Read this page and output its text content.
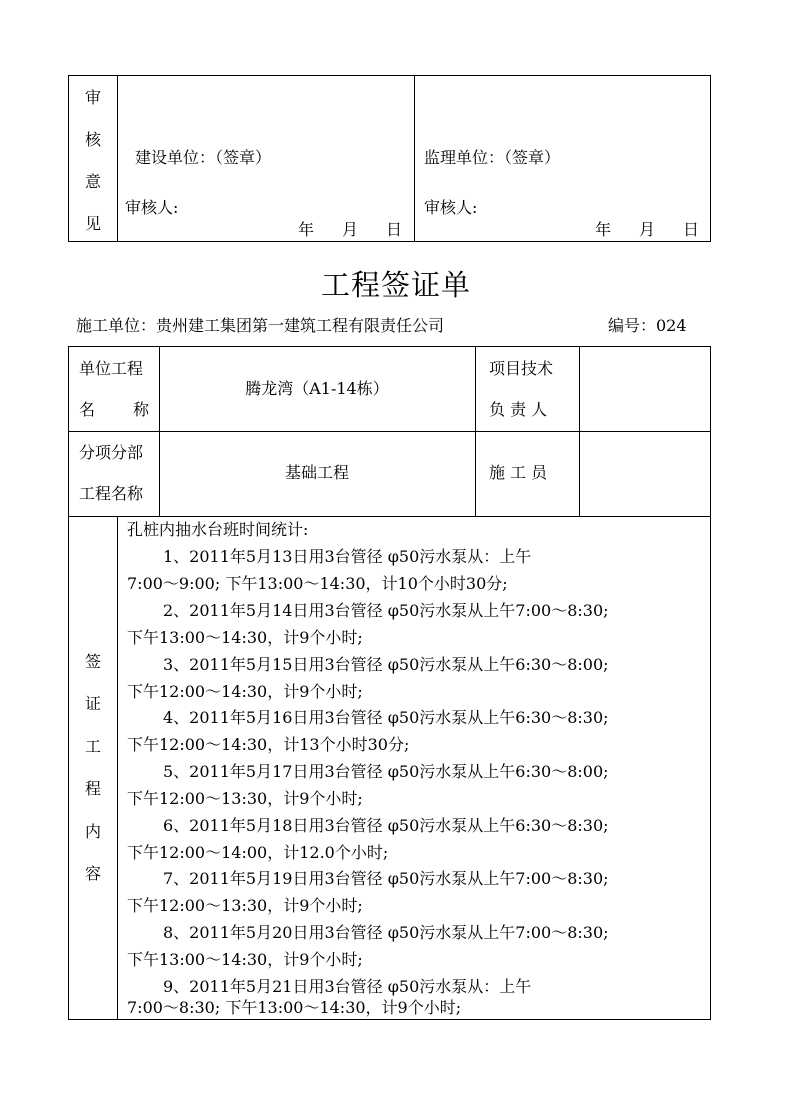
审
核
意
见
建设单位：（签章）
审核人:
年 月 日
监理单位：（签章）
审核人:
年 月 日
工程签证单
施工单位：贵州建工集团第一建筑工程有限责任公司	编号：024
单位工程
名 称
腾龙湾（A1-14栋）
项目技术
负 责 人
分项分部
工程名称
基础工程	施 工 员
签
证
工
程
内
容
孔桩内抽水台班时间统计:
1、2011年5月13日用3台管径 φ50污水泵从：上午
7:00～9:00; 下午13:00～14:30，计10个小时30分;
2、2011年5月14日用3台管径 φ50污水泵从上午7:00～8:30;
下午13:00～14:30，计9个小时;
3、2011年5月15日用3台管径 φ50污水泵从上午6:30～8:00;
下午12:00～14:30，计9个小时;
4、2011年5月16日用3台管径 φ50污水泵从上午6:30～8:30;
下午12:00～14:30，计13个小时30分;
5、2011年5月17日用3台管径 φ50污水泵从上午6:30～8:00;
下午12:00～13:30，计9个小时;
6、2011年5月18日用3台管径 φ50污水泵从上午6:30～8:30;
下午12:00～14:00，计12.0个小时;
7、2011年5月19日用3台管径 φ50污水泵从上午7:00～8:30;
下午12:00～13:30，计9个小时;
8、2011年5月20日用3台管径 φ50污水泵从上午7:00～8:30;
下午13:00～14:30，计9个小时;
9、2011年5月21日用3台管径 φ50污水泵从：上午
7:00～8:30; 下午13:00～14:30，计9个小时;
